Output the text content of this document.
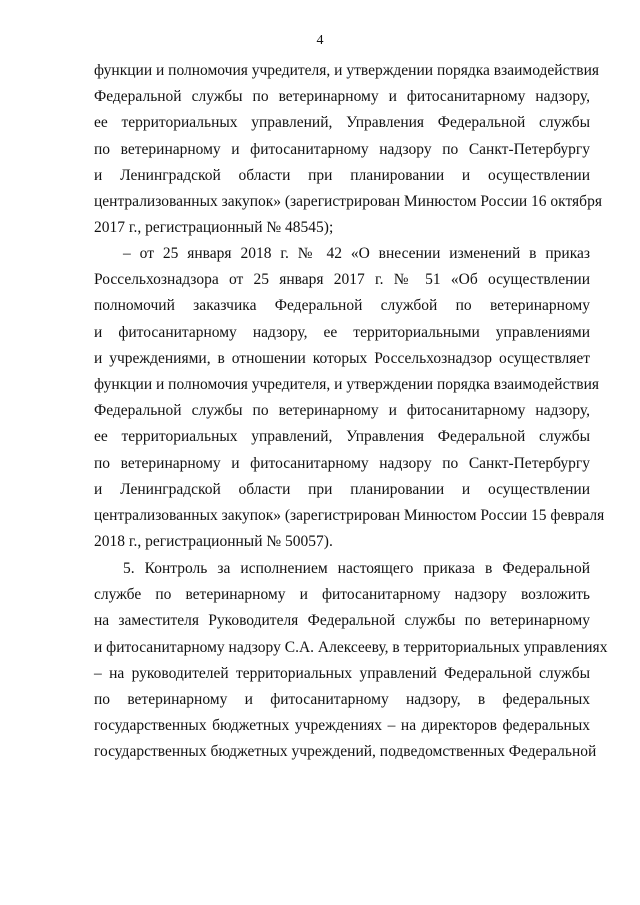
4
функции и полномочия учредителя, и утверждении порядка взаимодействия
Федеральной службы по ветеринарному и фитосанитарному надзору,
ее территориальных управлений, Управления Федеральной службы
по ветеринарному и фитосанитарному надзору по Санкт-Петербургу
и Ленинградской области при планировании и осуществлении
централизованных закупок» (зарегистрирован Минюстом России 16 октября
2017 г., регистрационный № 48545);
– от 25 января 2018 г. № 42 «О внесении изменений в приказ
Россельхознадзора от 25 января 2017 г. № 51 «Об осуществлении
полномочий заказчика Федеральной службой по ветеринарному
и фитосанитарному надзору, ее территориальными управлениями
и учреждениями, в отношении которых Россельхознадзор осуществляет
функции и полномочия учредителя, и утверждении порядка взаимодействия
Федеральной службы по ветеринарному и фитосанитарному надзору,
ее территориальных управлений, Управления Федеральной службы
по ветеринарному и фитосанитарному надзору по Санкт-Петербургу
и Ленинградской области при планировании и осуществлении
централизованных закупок» (зарегистрирован Минюстом России 15 февраля
2018 г., регистрационный № 50057).
5. Контроль за исполнением настоящего приказа в Федеральной
службе по ветеринарному и фитосанитарному надзору возложить
на заместителя Руководителя Федеральной службы по ветеринарному
и фитосанитарному надзору С.А. Алексееву, в территориальных управлениях
– на руководителей территориальных управлений Федеральной службы
по ветеринарному и фитосанитарному надзору, в федеральных
государственных бюджетных учреждениях – на директоров федеральных
государственных бюджетных учреждений, подведомственных Федеральной
